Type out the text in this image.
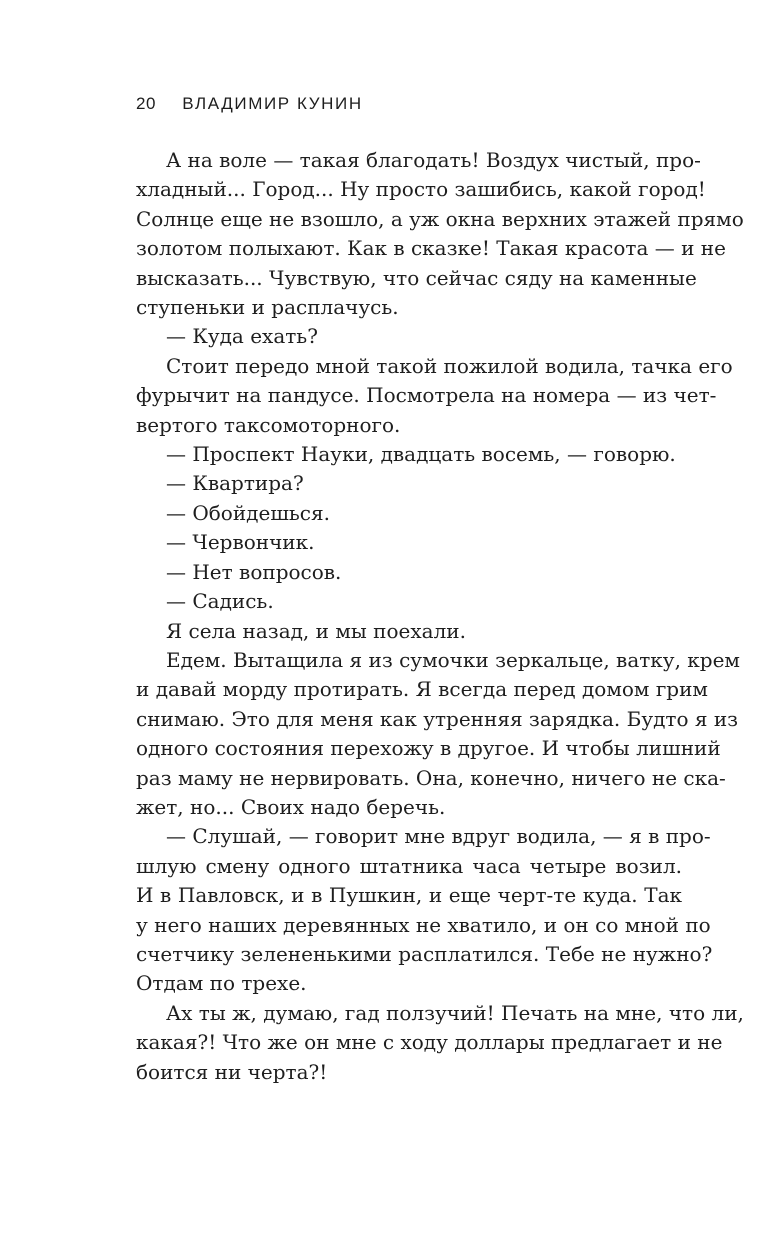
20 ВЛАДИМИР КУНИН
А на воле — такая благодать! Воздух чистый, про-
хладный... Город... Ну просто зашибись, какой город!
Солнце еще не взошло, а уж окна верхних этажей прямо
золотом полыхают. Как в сказке! Такая красота — и не
высказать... Чувствую, что сейчас сяду на каменные
ступеньки и расплачусь.
— Куда ехать?
Стоит передо мной такой пожилой водила, тачка его
фурычит на пандусе. Посмотрела на номера — из чет-
вертого таксомоторного.
— Проспект Науки, двадцать восемь, — говорю.
— Квартира?
— Обойдешься.
— Червончик.
— Нет вопросов.
— Садись.
Я села назад, и мы поехали.
Едем. Вытащила я из сумочки зеркальце, ватку, крем
и давай морду протирать. Я всегда перед домом грим
снимаю. Это для меня как утренняя зарядка. Будто я из
одного состояния перехожу в другое. И чтобы лишний
раз маму не нервировать. Она, конечно, ничего не ска-
жет, но... Своих надо беречь.
— Слушай, — говорит мне вдруг водила, — я в про-
шлую смену одного штатника часа четыре возил.
И в Павловск, и в Пушкин, и еще черт-те куда. Так
у него наших деревянных не хватило, и он со мной по
счетчику зелененькими расплатился. Тебе не нужно?
Отдам по трехе.
Ах ты ж, думаю, гад ползучий! Печать на мне, что ли,
какая?! Что же он мне с ходу доллары предлагает и не
боится ни черта?!
